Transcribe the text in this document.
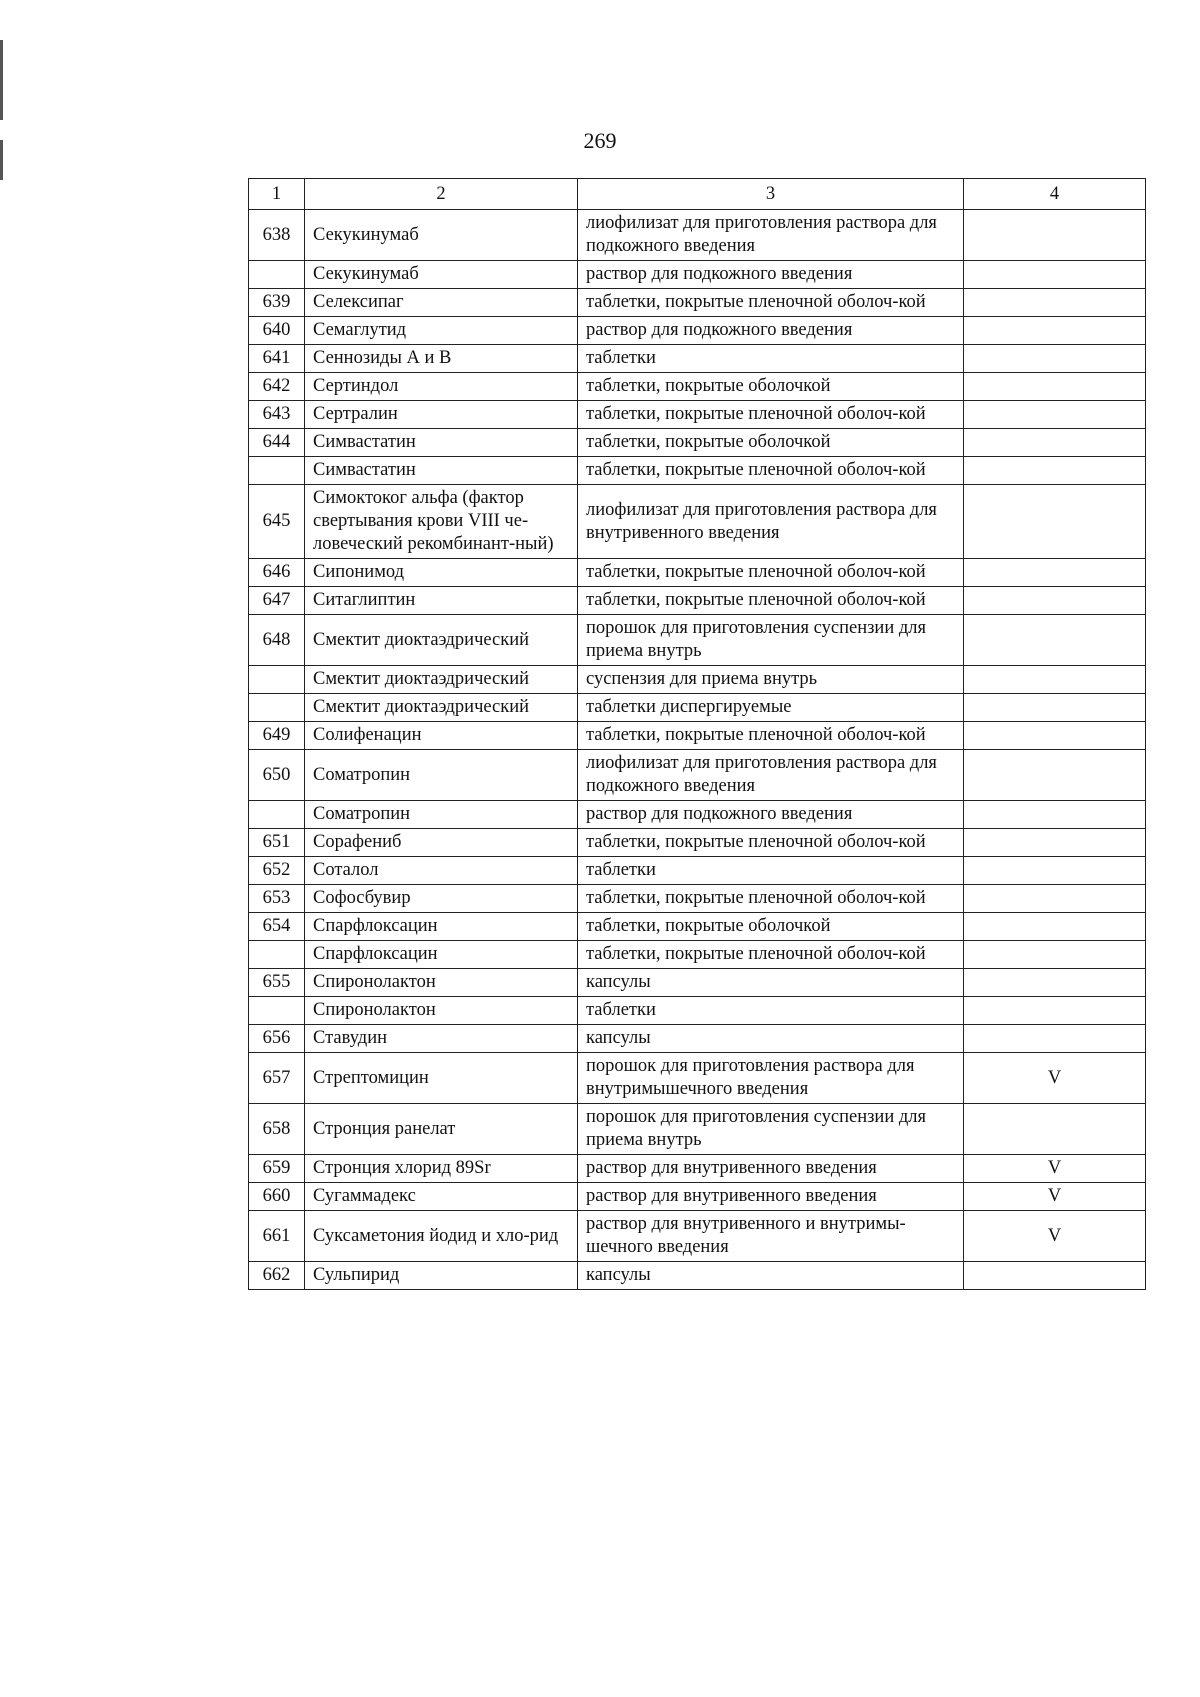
269
1	2	3	4
638	Секукинумаб	лиофилизат для приготовления раствора для подкожного введения	
	Секукинумаб	раствор для подкожного введения	
639	Селексипаг	таблетки, покрытые пленочной оболоч-кой	
640	Семаглутид	раствор для подкожного введения	
641	Сеннозиды А и В	таблетки	
642	Сертиндол	таблетки, покрытые оболочкой	
643	Сертралин	таблетки, покрытые пленочной оболоч-кой	
644	Симвастатин	таблетки, покрытые оболочкой	
	Симвастатин	таблетки, покрытые пленочной оболоч-кой	
645	Симоктоког альфа (фактор свертывания крови VIII че-ловеческий рекомбинант-ный)	лиофилизат для приготовления раствора для внутривенного введения	
646	Сипонимод	таблетки, покрытые пленочной оболоч-кой	
647	Ситаглиптин	таблетки, покрытые пленочной оболоч-кой	
648	Смектит диоктаэдрический	порошок для приготовления суспензии для приема внутрь	
	Смектит диоктаэдрический	суспензия для приема внутрь	
	Смектит диоктаэдрический	таблетки диспергируемые	
649	Солифенацин	таблетки, покрытые пленочной оболоч-кой	
650	Соматропин	лиофилизат для приготовления раствора для подкожного введения	
	Соматропин	раствор для подкожного введения	
651	Сорафениб	таблетки, покрытые пленочной оболоч-кой	
652	Соталол	таблетки	
653	Софосбувир	таблетки, покрытые пленочной оболоч-кой	
654	Спарфлоксацин	таблетки, покрытые оболочкой	
	Спарфлоксацин	таблетки, покрытые пленочной оболоч-кой	
655	Спиронолактон	капсулы	
	Спиронолактон	таблетки	
656	Ставудин	капсулы	
657	Стрептомицин	порошок для приготовления раствора для внутримышечного введения	V
658	Стронция ранелат	порошок для приготовления суспензии для приема внутрь	
659	Стронция хлорид 89Sr	раствор для внутривенного введения	V
660	Сугаммадекс	раствор для внутривенного введения	V
661	Суксаметония йодид и хло-рид	раствор для внутривенного и внутримы-шечного введения	V
662	Сульпирид	капсулы	
